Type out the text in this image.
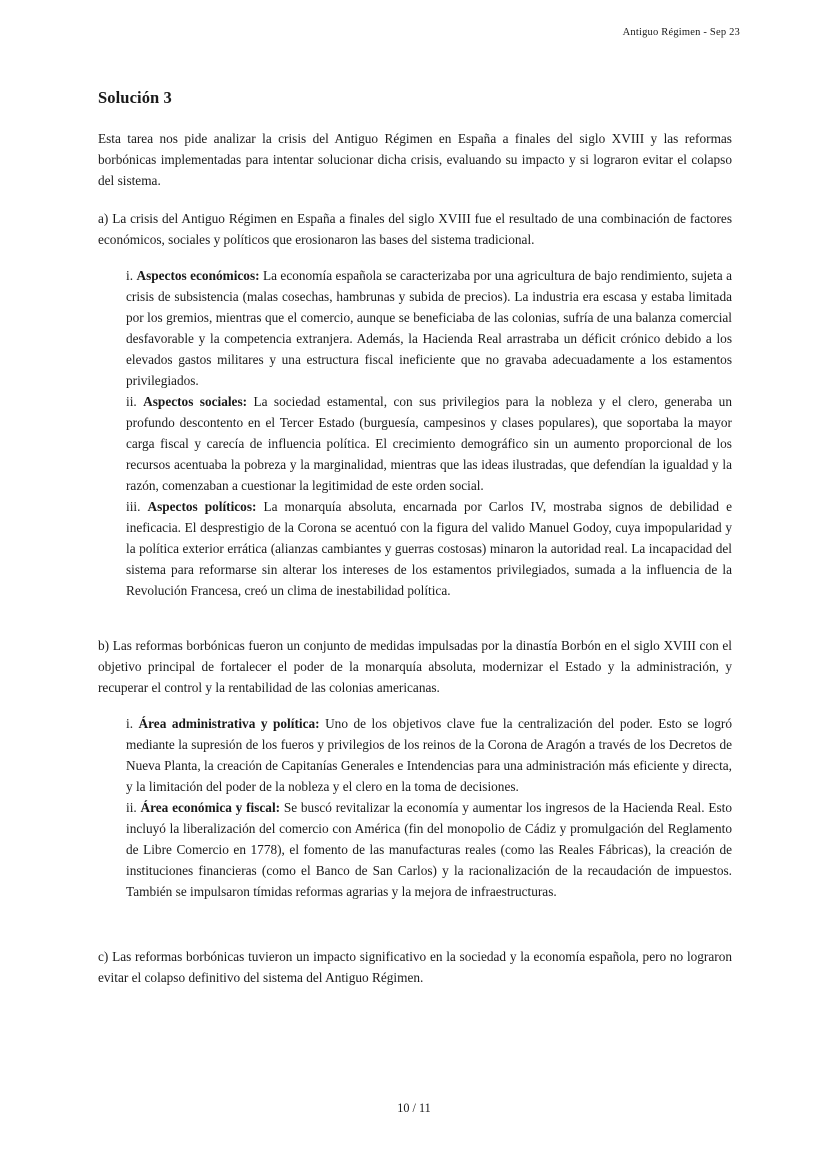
Antiguo Régimen - Sep 23
Solución 3

Esta tarea nos pide analizar la crisis del Antiguo Régimen en España a finales del siglo XVIII y las reformas borbónicas implementadas para intentar solucionar dicha crisis, evaluando su impacto y si lograron evitar el colapso del sistema.

a) La crisis del Antiguo Régimen en España a finales del siglo XVIII fue el resultado de una combinación de factores económicos, sociales y políticos que erosionaron las bases del sistema tradicional.

i. Aspectos económicos: La economía española se caracterizaba por una agricultura de bajo rendimiento, sujeta a crisis de subsistencia (malas cosechas, hambrunas y subida de precios). La industria era escasa y estaba limitada por los gremios, mientras que el comercio, aunque se beneficiaba de las colonias, sufría de una balanza comercial desfavorable y la competencia extranjera. Además, la Hacienda Real arrastraba un déficit crónico debido a los elevados gastos militares y una estructura fiscal ineficiente que no gravaba adecuadamente a los estamentos privilegiados.

ii. Aspectos sociales: La sociedad estamental, con sus privilegios para la nobleza y el clero, generaba un profundo descontento en el Tercer Estado (burguesía, campesinos y clases populares), que soportaba la mayor carga fiscal y carecía de influencia política. El crecimiento demográfico sin un aumento proporcional de los recursos acentuaba la pobreza y la marginalidad, mientras que las ideas ilustradas, que defendían la igualdad y la razón, comenzaban a cuestionar la legitimidad de este orden social.

iii. Aspectos políticos: La monarquía absoluta, encarnada por Carlos IV, mostraba signos de debilidad e ineficacia. El desprestigio de la Corona se acentuó con la figura del valido Manuel Godoy, cuya impopularidad y la política exterior errática (alianzas cambiantes y guerras costosas) minaron la autoridad real. La incapacidad del sistema para reformarse sin alterar los intereses de los estamentos privilegiados, sumada a la influencia de la Revolución Francesa, creó un clima de inestabilidad política.

b) Las reformas borbónicas fueron un conjunto de medidas impulsadas por la dinastía Borbón en el siglo XVIII con el objetivo principal de fortalecer el poder de la monarquía absoluta, modernizar el Estado y la administración, y recuperar el control y la rentabilidad de las colonias americanas.

i. Área administrativa y política: Uno de los objetivos clave fue la centralización del poder. Esto se logró mediante la supresión de los fueros y privilegios de los reinos de la Corona de Aragón a través de los Decretos de Nueva Planta, la creación de Capitanías Generales e Intendencias para una administración más eficiente y directa, y la limitación del poder de la nobleza y el clero en la toma de decisiones.

ii. Área económica y fiscal: Se buscó revitalizar la economía y aumentar los ingresos de la Hacienda Real. Esto incluyó la liberalización del comercio con América (fin del monopolio de Cádiz y promulgación del Reglamento de Libre Comercio en 1778), el fomento de las manufacturas reales (como las Reales Fábricas), la creación de instituciones financieras (como el Banco de San Carlos) y la racionalización de la recaudación de impuestos. También se impulsaron tímidas reformas agrarias y la mejora de infraestructuras.

c) Las reformas borbónicas tuvieron un impacto significativo en la sociedad y la economía española, pero no lograron evitar el colapso definitivo del sistema del Antiguo Régimen.

10 / 11
